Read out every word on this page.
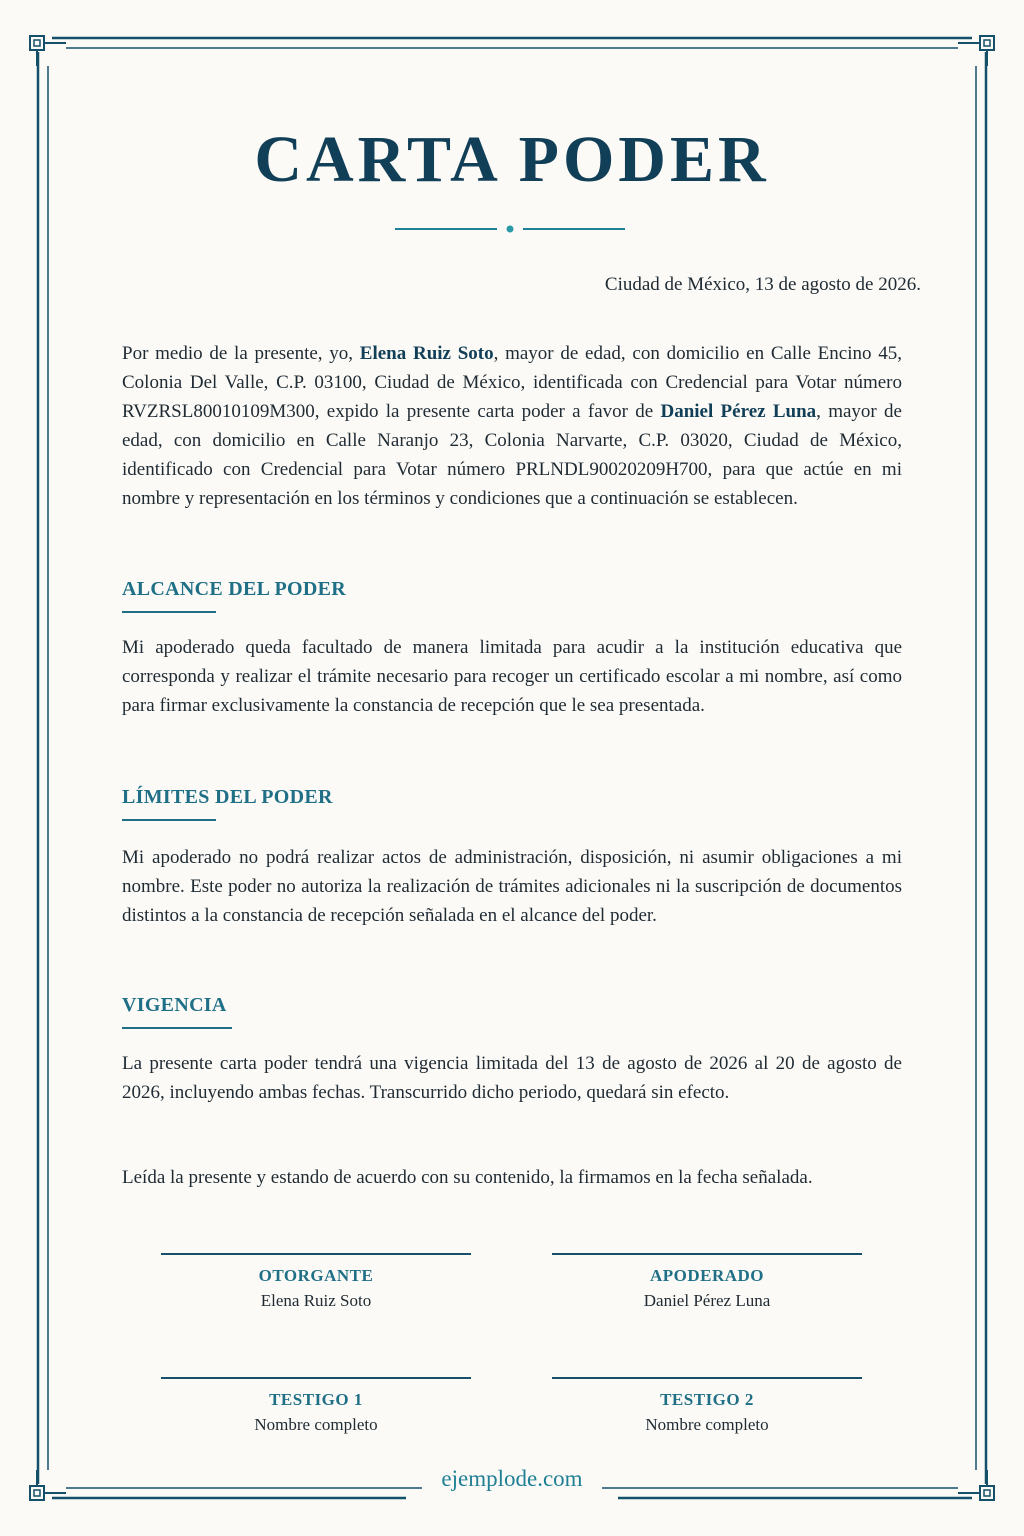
CARTA PODER
Ciudad de México, 13 de agosto de 2026.

Por medio de la presente, yo, Elena Ruiz Soto, mayor de edad, con domicilio en Calle Encino 45, Colonia Del Valle, C.P. 03100, Ciudad de México, identificada con Credencial para Votar número RVZRSL80010109M300, expido la presente carta poder a favor de Daniel Pérez Luna, mayor de edad, con domicilio en Calle Naranjo 23, Colonia Narvarte, C.P. 03020, Ciudad de México, identificado con Credencial para Votar número PRLNDL90020209H700, para que actúe en mi nombre y representación en los términos y condiciones que a continuación se establecen.

ALCANCE DEL PODER

Mi apoderado queda facultado de manera limitada para acudir a la institución educativa que corresponda y realizar el trámite necesario para recoger un certificado escolar a mi nombre, así como para firmar exclusivamente la constancia de recepción que le sea presentada.

LÍMITES DEL PODER

Mi apoderado no podrá realizar actos de administración, disposición, ni asumir obligaciones a mi nombre. Este poder no autoriza la realización de trámites adicionales ni la suscripción de documentos distintos a la constancia de recepción señalada en el alcance del poder.

VIGENCIA

La presente carta poder tendrá una vigencia limitada del 13 de agosto de 2026 al 20 de agosto de 2026, incluyendo ambas fechas. Transcurrido dicho periodo, quedará sin efecto.

Leída la presente y estando de acuerdo con su contenido, la firmamos en la fecha señalada.

OTORGANTE
Elena Ruiz Soto
APODERADO
Daniel Pérez Luna
TESTIGO 1
Nombre completo
TESTIGO 2
Nombre completo
ejemplode.com
